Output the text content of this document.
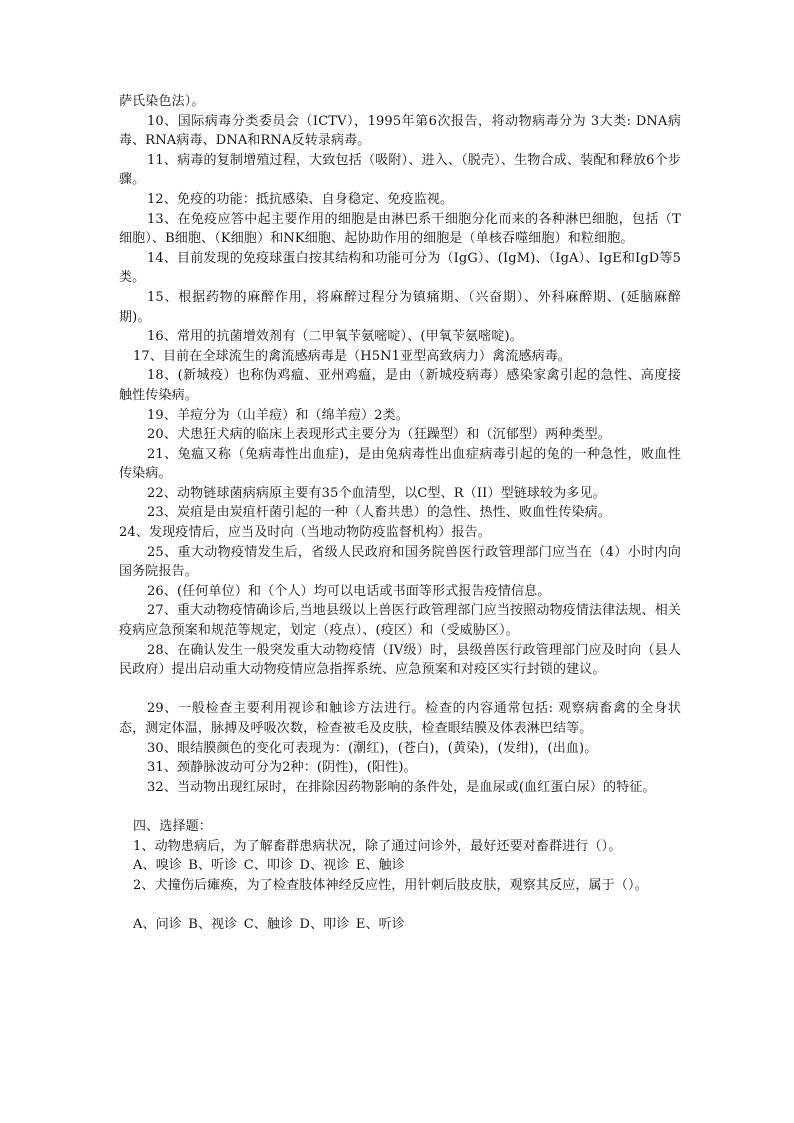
萨氏染色法）。

10、国际病毒分类委员会（ICTV），1995年第6次报告，将动物病毒分为 3大类: DNA病毒、RNA病毒、DNA和RNA反转录病毒。

11、病毒的复制增殖过程，大致包括（吸附）、进入、（脱壳）、生物合成、装配和释放6个步骤。

12、免疫的功能：抵抗感染、自身稳定、免疫监视。

13、在免疫应答中起主要作用的细胞是由淋巴系干细胞分化而来的各种淋巴细胞，包括（T细胞）、B细胞、（K细胞）和NK细胞、起协助作用的细胞是（单核吞噬细胞）和粒细胞。

14、目前发现的免疫球蛋白按其结构和功能可分为（IgG）、(IgM)、（IgA）、IgE和IgD等5类。

15、根据药物的麻醉作用，将麻醉过程分为镇痛期、（兴奋期）、外科麻醉期、(延脑麻醉期)。

16、常用的抗菌增效剂有（二甲氧苄氨嘧啶）、(甲氧苄氨嘧啶)。

17、目前在全球流生的禽流感病毒是（H5N1亚型高致病力）禽流感病毒。

18、(新城疫）也称伪鸡瘟、亚州鸡瘟，是由（新城疫病毒）感染家禽引起的急性、高度接触性传染病。

19、羊痘分为（山羊痘）和（绵羊痘）2类。

20、犬患狂犬病的临床上表现形式主要分为（狂躁型）和（沉郁型）两种类型。

21、兔瘟又称（兔病毒性出血症)，是由兔病毒性出血症病毒引起的兔的一种急性，败血性传染病。

22、动物链球菌病病原主要有35个血清型，以C型、R（II）型链球较为多见。

23、炭疽是由炭疽杆菌引起的一种（人畜共患）的急性、热性、败血性传染病。

24、发现疫情后，应当及时向（当地动物防疫监督机构）报告。

25、重大动物疫情发生后，省级人民政府和国务院兽医行政管理部门应当在（4）小时内向国务院报告。

26、(任何单位）和（个人）均可以电话或书面等形式报告疫情信息。

27、重大动物疫情确诊后,当地县级以上兽医行政管理部门应当按照动物疫情法律法规、相关疫病应急预案和规范等规定，划定（疫点）、(疫区）和（受威胁区）。

28、在确认发生一般突发重大动物疫情（IV级）时，县级兽医行政管理部门应及时向（县人民政府）提出启动重大动物疫情应急指挥系统、应急预案和对疫区实行封锁的建议。

29、一般检查主要利用视诊和触诊方法进行。检查的内容通常包括: 观察病畜禽的全身状态，测定体温，脉搏及呼吸次数，检查被毛及皮肤，检查眼结膜及体表淋巴结等。

30、眼结膜颜色的变化可表现为：(潮红)，(苍白)，(黄染)，(发绀)，(出血)。

31、颈静脉波动可分为2种：(阴性)，(阳性)。

32、当动物出现红尿时，在排除因药物影响的条件处，是血尿或(血红蛋白尿）的特征。

四、选择题：

1、动物患病后，为了解畜群患病状况，除了通过问诊外，最好还要对畜群进行（）。

A、嗅诊 B、听诊 C、叩诊 D、视诊 E、触诊

2、犬撞伤后瘫痪，为了检查肢体神经反应性，用针刺后肢皮肤，观察其反应，属于（）。

A、问诊 B、视诊 C、触诊 D、叩诊 E、听诊
